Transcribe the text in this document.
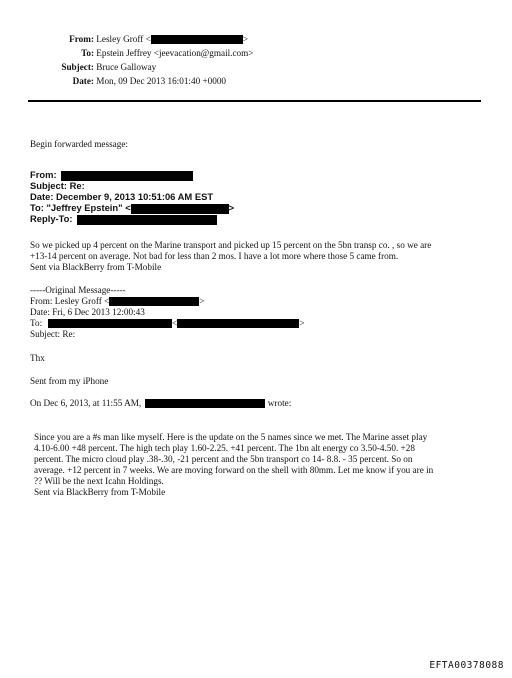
From: Lesley Groff <	>
To: Epstein Jeffrey <jeevacation@gmail.com>
Subject: Bruce Galloway
Date: Mon, 09 Dec 2013 16:01:40 +0000
Begin forwarded message:
From:
Subject: Re:
Date: December 9, 2013 10:51:06 AM EST
To: "Jeffrey Epstein" <	>
Reply-To:
So we picked up 4 percent on the Marine transport and picked up 15 percent on the 5bn transp co. , so we are
+13-14 percent on average. Not bad for less than 2 mos. I have a lot more where those 5 came from.
Sent via BlackBerry from T-Mobile
-----Original Message-----
From: Lesley Groff <	>
Date: Fri, 6 Dec 2013 12:00:43
To:	<	>
Subject: Re:
Thx
Sent from my iPhone
On Dec 6, 2013, at 11:55 AM,	wrote:
Since you are a #s man like myself. Here is the update on the 5 names since we met. The Marine asset play
4.10-6.00 +48 percent. The high tech play 1.60-2.25. +41 percent. The 1bn alt energy co 3.50-4.50. +28
percent. The micro cloud play .38-.30, -21 percent and the 5bn transport co 14- 8.8. - 35 percent. So on
average. +12 percent in 7 weeks. We are moving forward on the shell with 80mm. Let me know if you are in
?? Will be the next Icahn Holdings.
Sent via BlackBerry from T-Mobile
EFTA00378088
